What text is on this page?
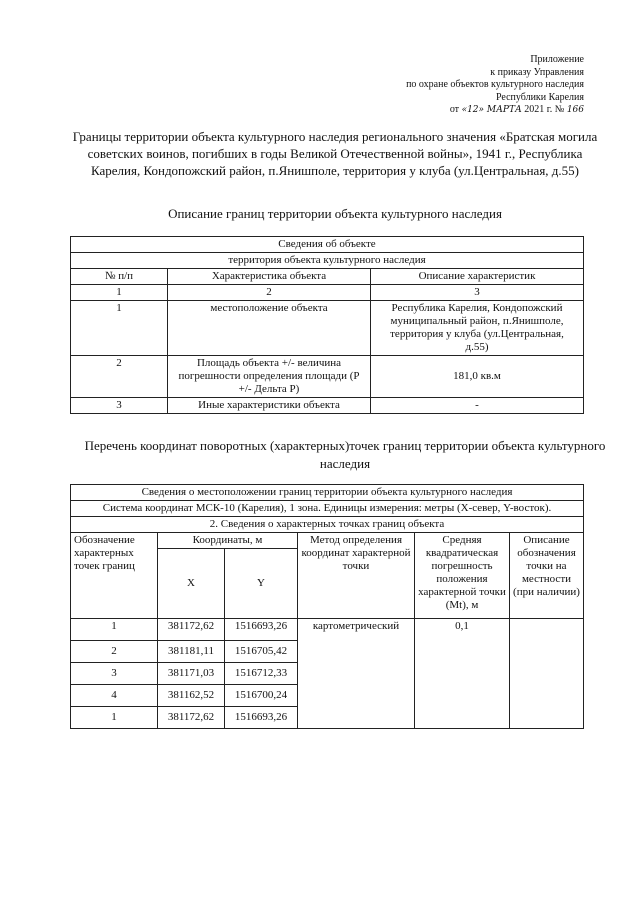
Приложение
к приказу Управления
по охране объектов культурного наследия
Республики Карелия
от «12» МАРТА 2021 г. № 166
Границы территории объекта культурного наследия регионального значения «Братская могила советских воинов, погибших в годы Великой Отечественной войны», 1941 г., Республика Карелия, Кондопожский район, п.Янишполе, территория у клуба (ул.Центральная, д.55)
Описание границ территории объекта культурного наследия
Сведения об объекте		
территория объекта культурного наследия		
№ п/п	Характеристика объекта	Описание характеристик
1	2	3
1	местоположение объекта	Республика Карелия, Кондопожский муниципальный район, п.Янишполе, территория у клуба (ул.Центральная, д.55)
2	Площадь объекта +/- величина погрешности определения площади (Р +/- Дельта Р)	181,0 кв.м
3	Иные характеристики объекта	-
Перечень координат поворотных (характерных)точек границ территории объекта культурного наследия
Сведения о местоположении границ территории объекта культурного наследия					
Система координат МСК-10 (Карелия), 1 зона. Единицы измерения: метры (X-север, Y-восток).					
2. Сведения о характерных точках границ объекта					
Обозначение характерных точек границ	Координаты, м		Метод определения координат характерной точки	Средняя квадратическая погрешность положения характерной точки (Mt), м	Описание обозначения точки на местности (при наличии)
	X	Y			
1	381172,62	1516693,26	картометрический	0,1	
2	381181,11	1516705,42			
3	381171,03	1516712,33			
4	381162,52	1516700,24			
1	381172,62	1516693,26			
